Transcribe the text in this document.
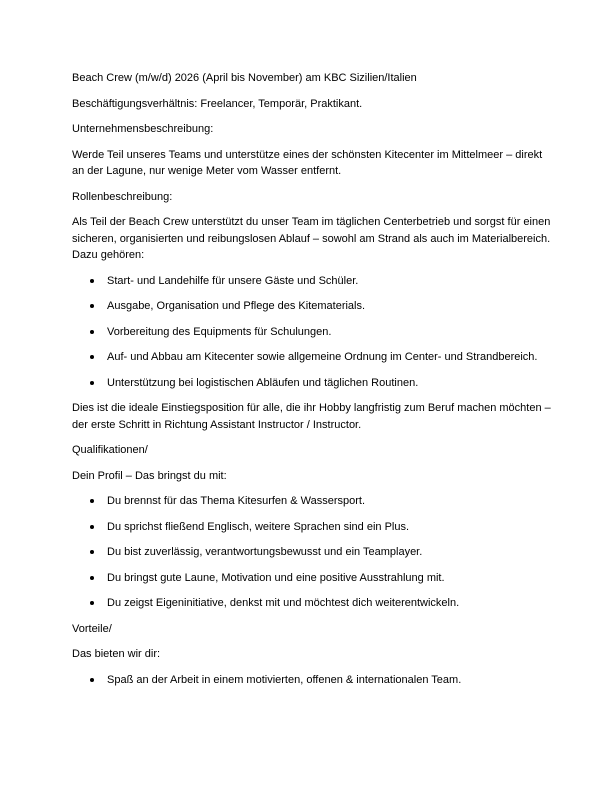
Beach Crew (m/w/d) 2026 (April bis November) am KBC Sizilien/Italien

Beschäftigungsverhältnis: Freelancer, Temporär, Praktikant.

Unternehmensbeschreibung:

Werde Teil unseres Teams und unterstütze eines der schönsten Kitecenter im Mittelmeer – direkt an der Lagune, nur wenige Meter vom Wasser entfernt.

Rollenbeschreibung:

Als Teil der Beach Crew unterstützt du unser Team im täglichen Centerbetrieb und sorgst für einen sicheren, organisierten und reibungslosen Ablauf – sowohl am Strand als auch im Materialbereich. Dazu gehören:

Start- und Landehilfe für unsere Gäste und Schüler.
Ausgabe, Organisation und Pflege des Kitematerials.
Vorbereitung des Equipments für Schulungen.
Auf- und Abbau am Kitecenter sowie allgemeine Ordnung im Center- und Strandbereich.
Unterstützung bei logistischen Abläufen und täglichen Routinen.

Dies ist die ideale Einstiegsposition für alle, die ihr Hobby langfristig zum Beruf machen möchten – der erste Schritt in Richtung Assistant Instructor / Instructor.

Qualifikationen/

Dein Profil – Das bringst du mit:

Du brennst für das Thema Kitesurfen & Wassersport.
Du sprichst fließend Englisch, weitere Sprachen sind ein Plus.
Du bist zuverlässig, verantwortungsbewusst und ein Teamplayer.
Du bringst gute Laune, Motivation und eine positive Ausstrahlung mit.
Du zeigst Eigeninitiative, denkst mit und möchtest dich weiterentwickeln.

Vorteile/

Das bieten wir dir:

Spaß an der Arbeit in einem motivierten, offenen & internationalen Team.
